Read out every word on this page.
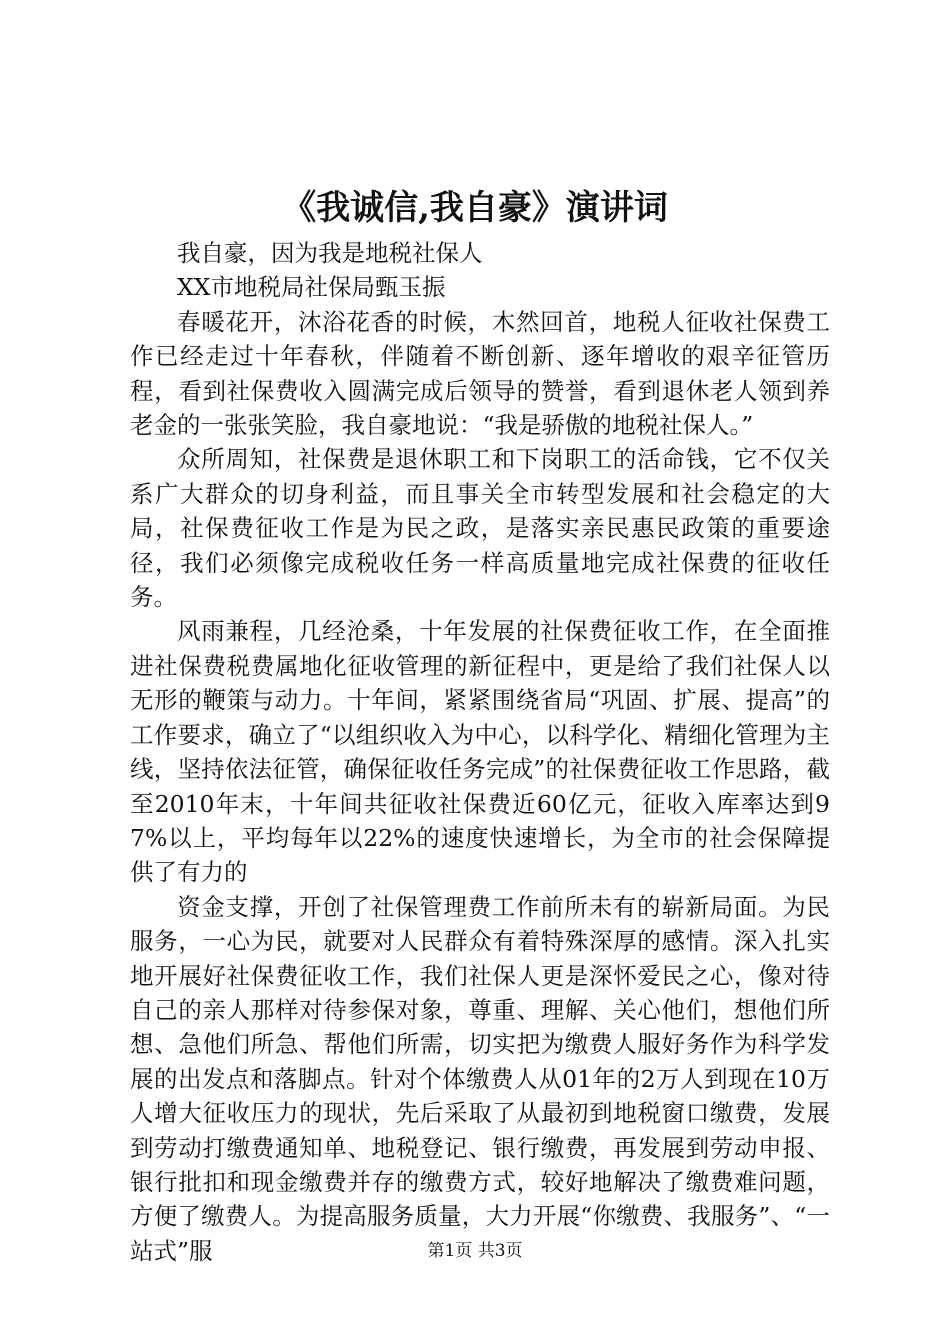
《我诚信,我自豪》演讲词

我自豪，因为我是地税社保人

XX市地税局社保局甄玉振

春暖花开，沐浴花香的时候，木然回首，地税人征收社保费工作已经走过十年春秋，伴随着不断创新、逐年增收的艰辛征管历程，看到社保费收入圆满完成后领导的赞誉，看到退休老人领到养老金的一张张笑脸，我自豪地说：“我是骄傲的地税社保人。”

众所周知，社保费是退休职工和下岗职工的活命钱，它不仅关系广大群众的切身利益，而且事关全市转型发展和社会稳定的大局，社保费征收工作是为民之政，是落实亲民惠民政策的重要途径，我们必须像完成税收任务一样高质量地完成社保费的征收任务。

风雨兼程，几经沧桑，十年发展的社保费征收工作，在全面推进社保费税费属地化征收管理的新征程中，更是给了我们社保人以无形的鞭策与动力。十年间，紧紧围绕省局“巩固、扩展、提高”的工作要求，确立了“以组织收入为中心，以科学化、精细化管理为主线，坚持依法征管，确保征收任务完成”的社保费征收工作思路，截至2010年末，十年间共征收社保费近60亿元，征收入库率达到97%以上，平均每年以22%的速度快速增长，为全市的社会保障提供了有力的

资金支撑，开创了社保管理费工作前所未有的崭新局面。为民服务，一心为民，就要对人民群众有着特殊深厚的感情。深入扎实地开展好社保费征收工作，我们社保人更是深怀爱民之心，像对待自己的亲人那样对待参保对象，尊重、理解、关心他们，想他们所想、急他们所急、帮他们所需，切实把为缴费人服好务作为科学发展的出发点和落脚点。针对个体缴费人从01年的2万人到现在10万人增大征收压力的现状，先后采取了从最初到地税窗口缴费，发展到劳动打缴费通知单、地税登记、银行缴费，再发展到劳动申报、银行批扣和现金缴费并存的缴费方式，较好地解决了缴费难问题，方便了缴费人。为提高服务质量，大力开展“你缴费、我服务”、“一站式”服	第1页 共3页
